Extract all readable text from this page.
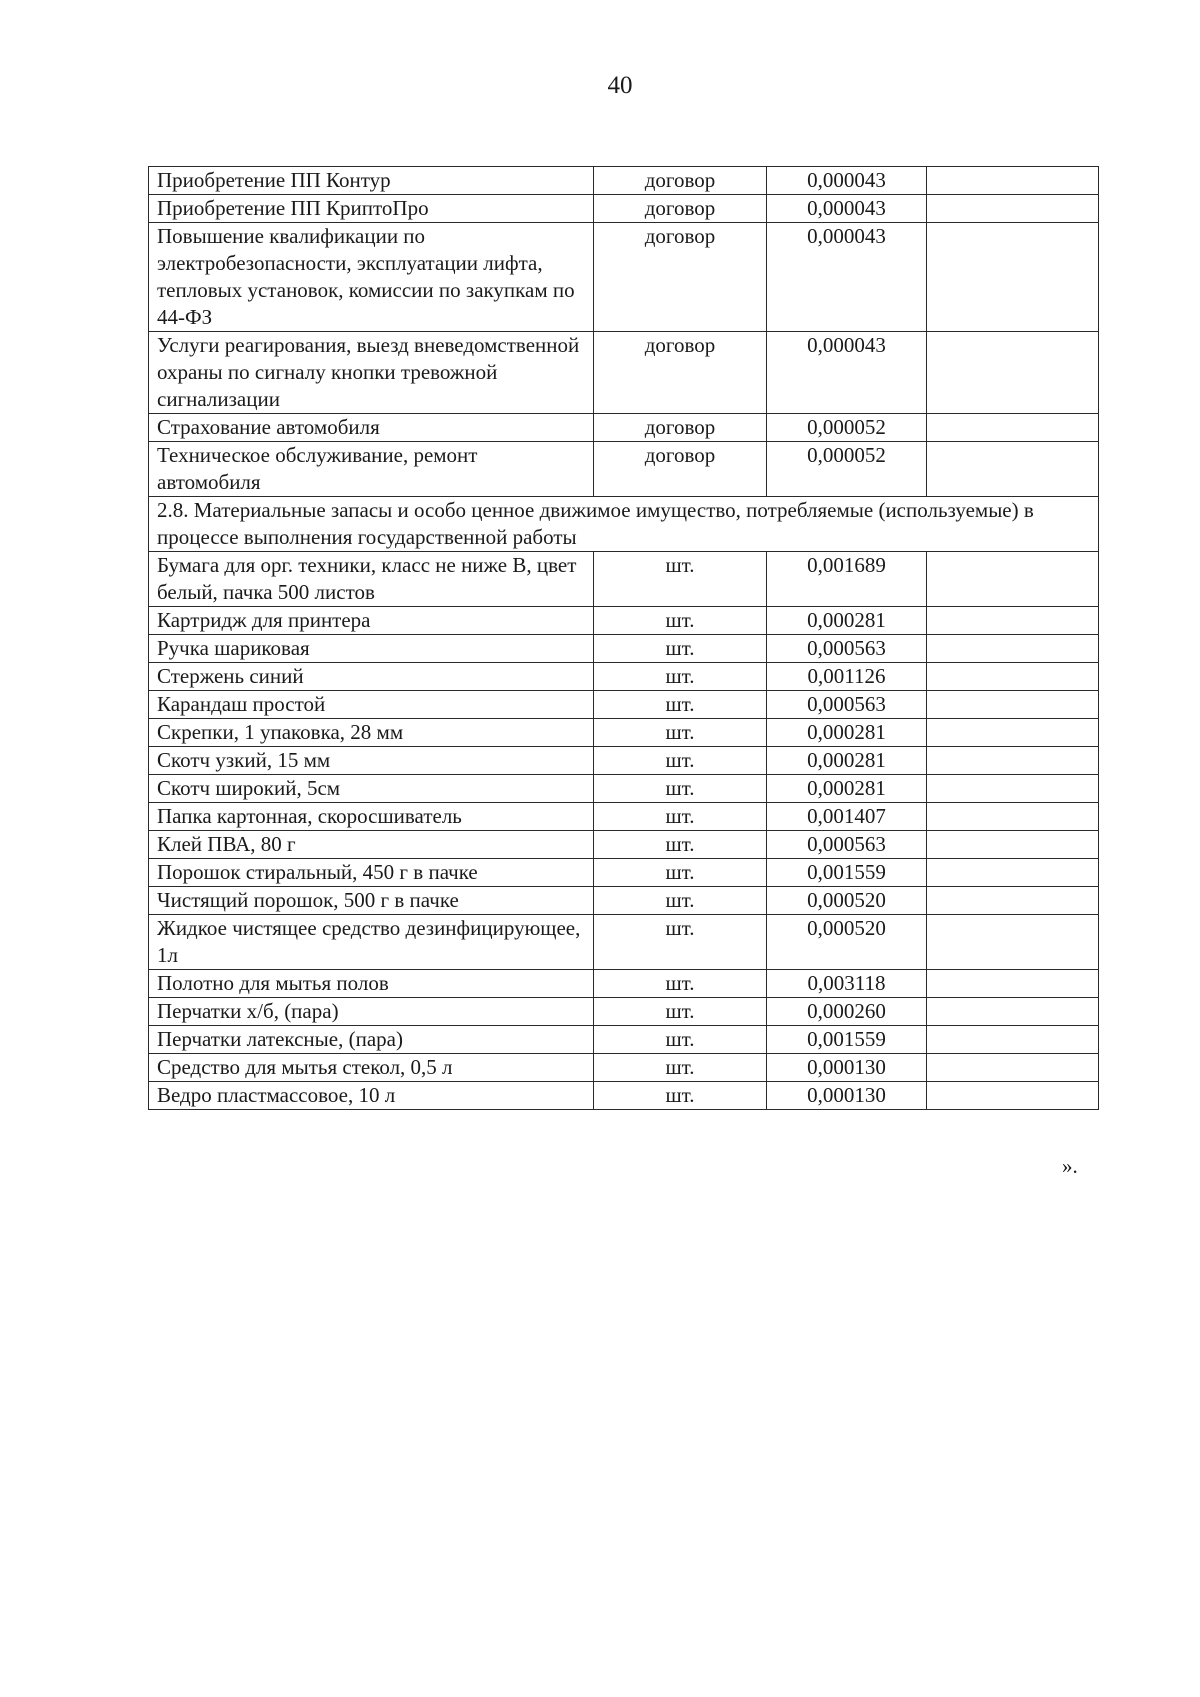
40
Приобретение ПП Контур	договор	0,000043	
Приобретение ПП КриптоПро	договор	0,000043	
Повышение квалификации по электробезопасности, эксплуатации лифта, тепловых установок, комиссии по закупкам по 44-ФЗ	договор	0,000043	
Услуги реагирования, выезд вневедомственной охраны по сигналу кнопки тревожной сигнализации	договор	0,000043	
Страхование автомобиля	договор	0,000052	
Техническое обслуживание, ремонт автомобиля	договор	0,000052	
2.8. Материальные запасы и особо ценное движимое имущество, потребляемые (используемые) в процессе выполнения государственной работы			
Бумага для орг. техники, класс не ниже В, цвет белый, пачка 500 листов	шт.	0,001689	
Картридж для принтера	шт.	0,000281	
Ручка шариковая	шт.	0,000563	
Стержень синий	шт.	0,001126	
Карандаш простой	шт.	0,000563	
Скрепки, 1 упаковка, 28 мм	шт.	0,000281	
Скотч узкий, 15 мм	шт.	0,000281	
Скотч широкий, 5см	шт.	0,000281	
Папка картонная, скоросшиватель	шт.	0,001407	
Клей ПВА, 80 г	шт.	0,000563	
Порошок стиральный, 450 г в пачке	шт.	0,001559	
Чистящий порошок, 500 г в пачке	шт.	0,000520	
Жидкое чистящее средство дезинфицирующее, 1л	шт.	0,000520	
Полотно для мытья полов	шт.	0,003118	
Перчатки х/б, (пара)	шт.	0,000260	
Перчатки латексные, (пара)	шт.	0,001559	
Средство для мытья стекол, 0,5 л	шт.	0,000130	
Ведро пластмассовое, 10 л	шт.	0,000130	
».
